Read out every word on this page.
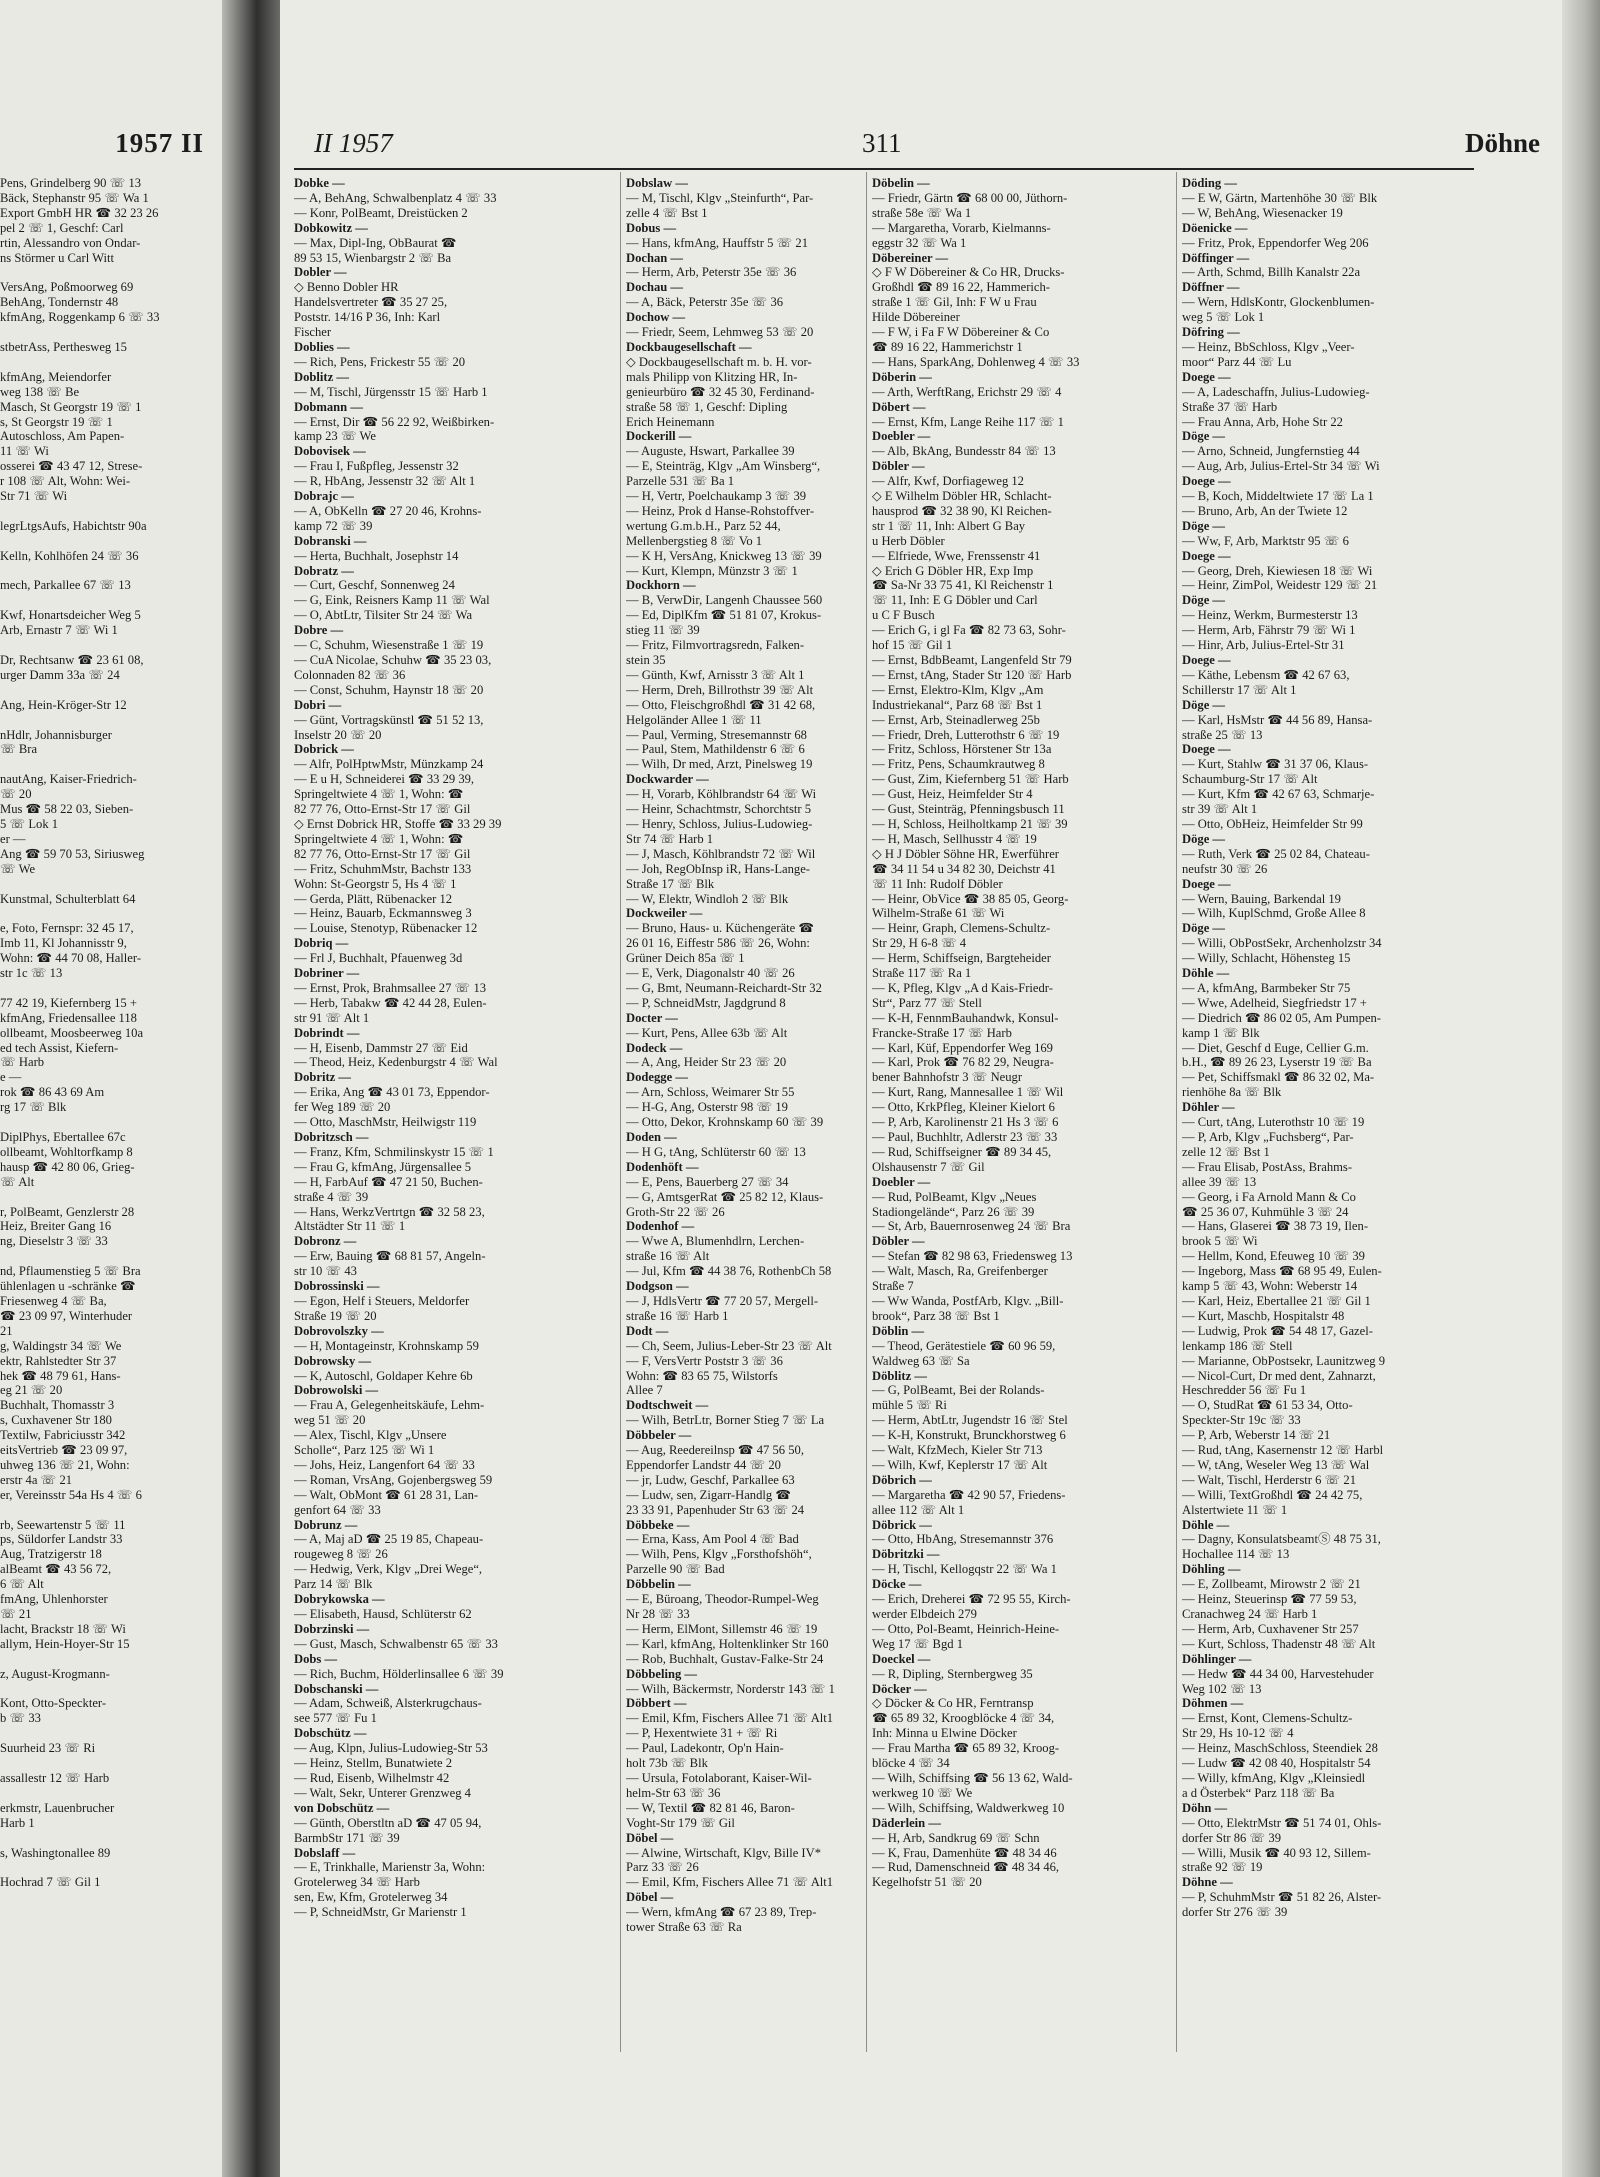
1957 II
Pens, Grindelberg 90 ☏ 13
Bäck, Stephanstr 95 ☏ Wa 1
Export GmbH HR ☎ 32 23 26
pel 2 ☏ 1, Geschf: Carl
rtin, Alessandro von Ondar-
ns Störmer u Carl Witt

VersAng, Poßmoorweg 69
BehAng, Tondernstr 48
kfmAng, Roggenkamp 6 ☏ 33

stbetrAss, Perthesweg 15

kfmAng, Meiendorfer
weg 138 ☏ Be
Masch, St Georgstr 19 ☏ 1
s, St Georgstr 19 ☏ 1
Autoschloss, Am Papen-
11 ☏ Wi
osserei ☎ 43 47 12, Strese-
r 108 ☏ Alt, Wohn: Wei-
Str 71 ☏ Wi

legrLtgsAufs, Habichtstr 90a

Kelln, Kohlhöfen 24 ☏ 36

mech, Parkallee 67 ☏ 13

Kwf, Honartsdeicher Weg 5
Arb, Ernastr 7 ☏ Wi 1

Dr, Rechtsanw ☎ 23 61 08,
urger Damm 33a ☏ 24

Ang, Hein-Kröger-Str 12

nHdlr, Johannisburger
☏ Bra

nautAng, Kaiser-Friedrich-
☏ 20
Mus ☎ 58 22 03, Sieben-
5 ☏ Lok 1
er —
Ang ☎ 59 70 53, Siriusweg
☏ We

Kunstmal, Schulterblatt 64

e, Foto, Fernspr: 32 45 17,
Imb 11, Kl Johannisstr 9,
Wohn: ☎ 44 70 08, Haller-
str 1c ☏ 13

77 42 19, Kiefernberg 15 +
kfmAng, Friedensallee 118
ollbeamt, Moosbeerweg 10a
ed tech Assist, Kiefern-
☏ Harb
e —
rok ☎ 86 43 69 Am
rg 17 ☏ Blk

DiplPhys, Ebertallee 67c
ollbeamt, Wohltorfkamp 8
hausp ☎ 42 80 06, Grieg-
☏ Alt

r, PolBeamt, Genzlerstr 28
Heiz, Breiter Gang 16
ng, Dieselstr 3 ☏ 33

nd, Pflaumenstieg 5 ☏ Bra
ühlenlagen u -schränke ☎
Friesenweg 4 ☏ Ba,
☎ 23 09 97, Winterhuder
21
g, Waldingstr 34 ☏ We
ektr, Rahlstedter Str 37
hek ☎ 48 79 61, Hans-
eg 21 ☏ 20
Buchhalt, Thomasstr 3
s, Cuxhavener Str 180
Textilw, Fabriciusstr 342
eitsVertrieb ☎ 23 09 97,
uhweg 136 ☏ 21, Wohn:
erstr 4a ☏ 21
er, Vereinsstr 54a Hs 4 ☏ 6

rb, Seewartenstr 5 ☏ 11
ps, Süldorfer Landstr 33
Aug, Tratzigerstr 18
alBeamt ☎ 43 56 72,
6 ☏ Alt
fmAng, Uhlenhorster
☏ 21
lacht, Brackstr 18 ☏ Wi
allym, Hein-Hoyer-Str 15

z, August-Krogmann-

Kont, Otto-Speckter-
b ☏ 33

Suurheid 23 ☏ Ri

assallestr 12 ☏ Harb

erkmstr, Lauenbrucher
Harb 1

s, Washingtonallee 89

Hochrad 7 ☏ Gil 1
II 1957	311	Döhne
Dobke —
— A, BehAng, Schwalbenplatz 4 ☏ 33
— Konr, PolBeamt, Dreistücken 2
Dobkowitz —
— Max, Dipl-Ing, ObBaurat ☎
89 53 15, Wienbargstr 2 ☏ Ba
Dobler —
◇ Benno Dobler HR
Handelsvertreter ☎ 35 27 25,
Poststr. 14/16 P 36, Inh: Karl
Fischer
Doblies —
— Rich, Pens, Frickestr 55 ☏ 20
Doblitz —
— M, Tischl, Jürgensstr 15 ☏ Harb 1
Dobmann —
— Ernst, Dir ☎ 56 22 92, Weißbirken-
kamp 23 ☏ We
Dobovisek —
— Frau I, Fußpfleg, Jessenstr 32
— R, HbAng, Jessenstr 32 ☏ Alt 1
Dobrajc —
— A, ObKelln ☎ 27 20 46, Krohns-
kamp 72 ☏ 39
Dobranski —
— Herta, Buchhalt, Josephstr 14
Dobratz —
— Curt, Geschf, Sonnenweg 24
— G, Eink, Reisners Kamp 11 ☏ Wal
— O, AbtLtr, Tilsiter Str 24 ☏ Wa
Dobre —
— C, Schuhm, Wiesenstraße 1 ☏ 19
— CuA Nicolae, Schuhw ☎ 35 23 03,
Colonnaden 82 ☏ 36
— Const, Schuhm, Haynstr 18 ☏ 20
Dobri —
— Günt, Vortragskünstl ☎ 51 52 13,
Inselstr 20 ☏ 20
Dobrick —
— Alfr, PolHptwMstr, Münzkamp 24
— E u H, Schneiderei ☎ 33 29 39,
Springeltwiete 4 ☏ 1, Wohn: ☎
82 77 76, Otto-Ernst-Str 17 ☏ Gil
◇ Ernst Dobrick HR, Stoffe ☎ 33 29 39
Springeltwiete 4 ☏ 1, Wohn: ☎
82 77 76, Otto-Ernst-Str 17 ☏ Gil
— Fritz, SchuhmMstr, Bachstr 133
Wohn: St-Georgstr 5, Hs 4 ☏ 1
— Gerda, Plätt, Rübenacker 12
— Heinz, Bauarb, Eckmannsweg 3
— Louise, Stenotyp, Rübenacker 12
Dobriq —
— Frl J, Buchhalt, Pfauenweg 3d
Dobriner —
— Ernst, Prok, Brahmsallee 27 ☏ 13
— Herb, Tabakw ☎ 42 44 28, Eulen-
str 91 ☏ Alt 1
Dobrindt —
— H, Eisenb, Dammstr 27 ☏ Eid
— Theod, Heiz, Kedenburgstr 4 ☏ Wal
Dobritz —
— Erika, Ang ☎ 43 01 73, Eppendor-
fer Weg 189 ☏ 20
— Otto, MaschMstr, Heilwigstr 119
Dobritzsch —
— Franz, Kfm, Schmilinskystr 15 ☏ 1
— Frau G, kfmAng, Jürgensallee 5
— H, FarbAuf ☎ 47 21 50, Buchen-
straße 4 ☏ 39
— Hans, WerkzVertrtgn ☎ 32 58 23,
Altstädter Str 11 ☏ 1
Dobronz —
— Erw, Bauing ☎ 68 81 57, Angeln-
str 10 ☏ 43
Dobrossinski —
— Egon, Helf i Steuers, Meldorfer
Straße 19 ☏ 20
Dobrovolszky —
— H, Montageinstr, Krohnskamp 59
Dobrowsky —
— K, Autoschl, Goldaper Kehre 6b
Dobrowolski —
— Frau A, Gelegenheitskäufe, Lehm-
weg 51 ☏ 20
— Alex, Tischl, Klgv „Unsere
Scholle“, Parz 125 ☏ Wi 1
— Johs, Heiz, Langenfort 64 ☏ 33
— Roman, VrsAng, Gojenbergsweg 59
— Walt, ObMont ☎ 61 28 31, Lan-
genfort 64 ☏ 33
Dobrunz —
— A, Maj aD ☎ 25 19 85, Chapeau-
rougeweg 8 ☏ 26
— Hedwig, Verk, Klgv „Drei Wege“,
Parz 14 ☏ Blk
Dobrykowska —
— Elisabeth, Hausd, Schlüterstr 62
Dobrzinski —
— Gust, Masch, Schwalbenstr 65 ☏ 33
Dobs —
— Rich, Buchm, Hölderlinsallee 6 ☏ 39
Dobschanski —
— Adam, Schweiß, Alsterkrugchaus-
see 577 ☏ Fu 1
Dobschütz —
— Aug, Klpn, Julius-Ludowieg-Str 53
— Heinz, Stellm, Bunatwiete 2
— Rud, Eisenb, Wilhelmstr 42
— Walt, Sekr, Unterer Grenzweg 4
von Dobschütz —
— Günth, Oberstltn aD ☎ 47 05 94,
BarmbStr 171 ☏ 39
Dobslaff —
— E, Trinkhalle, Marienstr 3a, Wohn:
Grotelerweg 34 ☏ Harb
sen, Ew, Kfm, Grotelerweg 34
— P, SchneidMstr, Gr Marienstr 1
Dobslaw —
— M, Tischl, Klgv „Steinfurth“, Par-
zelle 4 ☏ Bst 1
Dobus —
— Hans, kfmAng, Hauffstr 5 ☏ 21
Dochan —
— Herm, Arb, Peterstr 35e ☏ 36
Dochau —
— A, Bäck, Peterstr 35e ☏ 36
Dochow —
— Friedr, Seem, Lehmweg 53 ☏ 20
Dockbaugesellschaft —
◇ Dockbaugesellschaft m. b. H. vor-
mals Philipp von Klitzing HR, In-
genieurbüro ☎ 32 45 30, Ferdinand-
straße 58 ☏ 1, Geschf: Dipling
Erich Heinemann
Dockerill —
— Auguste, Hswart, Parkallee 39
— E, Steinträg, Klgv „Am Winsberg“,
Parzelle 531 ☏ Ba 1
— H, Vertr, Poelchaukamp 3 ☏ 39
— Heinz, Prok d Hanse-Rohstoffver-
wertung G.m.b.H., Parz 52 44,
Mellenbergstieg 8 ☏ Vo 1
— K H, VersAng, Knickweg 13 ☏ 39
— Kurt, Klempn, Münzstr 3 ☏ 1
Dockhorn —
— B, VerwDir, Langenh Chaussee 560
— Ed, DiplKfm ☎ 51 81 07, Krokus-
stieg 11 ☏ 39
— Fritz, Filmvortragsredn, Falken-
stein 35
— Günth, Kwf, Arnisstr 3 ☏ Alt 1
— Herm, Dreh, Billrothstr 39 ☏ Alt
— Otto, Fleischgroßhdl ☎ 31 42 68,
Helgoländer Allee 1 ☏ 11
— Paul, Verming, Stresemannstr 68
— Paul, Stem, Mathildenstr 6 ☏ 6
— Wilh, Dr med, Arzt, Pinelsweg 19
Dockwarder —
— H, Vorarb, Köhlbrandstr 64 ☏ Wi
— Heinr, Schachtmstr, Schorchtstr 5
— Henry, Schloss, Julius-Ludowieg-
Str 74 ☏ Harb 1
— J, Masch, Köhlbrandstr 72 ☏ Wil
— Joh, RegObInsp iR, Hans-Lange-
Straße 17 ☏ Blk
— W, Elektr, Windloh 2 ☏ Blk
Dockweiler —
— Bruno, Haus- u. Küchengeräte ☎
26 01 16, Eiffestr 586 ☏ 26, Wohn:
Grüner Deich 85a ☏ 1
— E, Verk, Diagonalstr 40 ☏ 26
— G, Bmt, Neumann-Reichardt-Str 32
— P, SchneidMstr, Jagdgrund 8
Docter —
— Kurt, Pens, Allee 63b ☏ Alt
Dodeck —
— A, Ang, Heider Str 23 ☏ 20
Dodegge —
— Arn, Schloss, Weimarer Str 55
— H-G, Ang, Osterstr 98 ☏ 19
— Otto, Dekor, Krohnskamp 60 ☏ 39
Doden —
— H G, tAng, Schlüterstr 60 ☏ 13
Dodenhöft —
— E, Pens, Bauerberg 27 ☏ 34
— G, AmtsgerRat ☎ 25 82 12, Klaus-
Groth-Str 22 ☏ 26
Dodenhof —
— Wwe A, Blumenhdlrn, Lerchen-
straße 16 ☏ Alt
— Jul, Kfm ☎ 44 38 76, RothenbCh 58
Dodgson —
— J, HdlsVertr ☎ 77 20 57, Mergell-
straße 16 ☏ Harb 1
Dodt —
— Ch, Seem, Julius-Leber-Str 23 ☏ Alt
— F, VersVertr Poststr 3 ☏ 36
Wohn: ☎ 83 65 75, Wilstorfs
Allee 7
Dodtschweit —
— Wilh, BetrLtr, Borner Stieg 7 ☏ La
Döbbeler —
— Aug, Reedereilnsp ☎ 47 56 50,
Eppendorfer Landstr 44 ☏ 20
— jr, Ludw, Geschf, Parkallee 63
— Ludw, sen, Zigarr-Handlg ☎
23 33 91, Papenhuder Str 63 ☏ 24
Döbbeke —
— Erna, Kass, Am Pool 4 ☏ Bad
— Wilh, Pens, Klgv „Forsthofshöh“,
Parzelle 90 ☏ Bad
Döbbelin —
— E, Büroang, Theodor-Rumpel-Weg
Nr 28 ☏ 33
— Herm, ElMont, Sillemstr 46 ☏ 19
— Karl, kfmAng, Holtenklinker Str 160
— Rob, Buchhalt, Gustav-Falke-Str 24
Döbbeling —
— Wilh, Bäckermstr, Norderstr 143 ☏ 1
Döbbert —
— Emil, Kfm, Fischers Allee 71 ☏ Alt1
— P, Hexentwiete 31 + ☏ Ri
— Paul, Ladekontr, Op'n Hain-
holt 73b ☏ Blk
— Ursula, Fotolaborant, Kaiser-Wil-
helm-Str 63 ☏ 36
— W, Textil ☎ 82 81 46, Baron-
Voght-Str 179 ☏ Gil
Döbel —
— Alwine, Wirtschaft, Klgv, Bille IV*
Parz 33 ☏ 26
— Emil, Kfm, Fischers Allee 71 ☏ Alt1
Döbel —
— Wern, kfmAng ☎ 67 23 89, Trep-
tower Straße 63 ☏ Ra
Döbelin —
— Friedr, Gärtn ☎ 68 00 00, Jüthorn-
straße 58e ☏ Wa 1
— Margaretha, Vorarb, Kielmanns-
eggstr 32 ☏ Wa 1
Döbereiner —
◇ F W Döbereiner & Co HR, Drucks-
Großhdl ☎ 89 16 22, Hammerich-
straße 1 ☏ Gil, Inh: F W u Frau
Hilde Döbereiner
— F W, i Fa F W Döbereiner & Co
☎ 89 16 22, Hammerichstr 1
— Hans, SparkAng, Dohlenweg 4 ☏ 33
Döberin —
— Arth, WerftRang, Erichstr 29 ☏ 4
Döbert —
— Ernst, Kfm, Lange Reihe 117 ☏ 1
Doebler —
— Alb, BkAng, Bundesstr 84 ☏ 13
Döbler —
— Alfr, Kwf, Dorfiageweg 12
◇ E Wilhelm Döbler HR, Schlacht-
hausprod ☎ 32 38 90, Kl Reichen-
str 1 ☏ 11, Inh: Albert G Bay
u Herb Döbler
— Elfriede, Wwe, Frenssenstr 41
◇ Erich G Döbler HR, Exp Imp
☎ Sa-Nr 33 75 41, Kl Reichenstr 1
☏ 11, Inh: E G Döbler und Carl
u C F Busch
— Erich G, i gl Fa ☎ 82 73 63, Sohr-
hof 15 ☏ Gil 1
— Ernst, BdbBeamt, Langenfeld Str 79
— Ernst, tAng, Stader Str 120 ☏ Harb
— Ernst, Elektro-Klm, Klgv „Am
Industriekanal“, Parz 68 ☏ Bst 1
— Ernst, Arb, Steinadlerweg 25b
— Friedr, Dreh, Lutterothstr 6 ☏ 19
— Fritz, Schloss, Hörstener Str 13a
— Fritz, Pens, Schaumkrautweg 8
— Gust, Zim, Kiefernberg 51 ☏ Harb
— Gust, Heiz, Heimfelder Str 4
— Gust, Steinträg, Pfenningsbusch 11
— H, Schloss, Heilholtkamp 21 ☏ 39
— H, Masch, Sellhusstr 4 ☏ 19
◇ H J Döbler Söhne HR, Ewerführer
☎ 34 11 54 u 34 82 30, Deichstr 41
☏ 11 Inh: Rudolf Döbler
— Heinr, ObVice ☎ 38 85 05, Georg-
Wilhelm-Straße 61 ☏ Wi
— Heinr, Graph, Clemens-Schultz-
Str 29, H 6-8 ☏ 4
— Herm, Schiffseign, Bargteheider
Straße 117 ☏ Ra 1
— K, Pfleg, Klgv „A d Kais-Friedr-
Str“, Parz 77 ☏ Stell
— K-H, FennmBauhandwk, Konsul-
Francke-Straße 17 ☏ Harb
— Karl, Küf, Eppendorfer Weg 169
— Karl, Prok ☎ 76 82 29, Neugra-
bener Bahnhofstr 3 ☏ Neugr
— Kurt, Rang, Mannesallee 1 ☏ Wil
— Otto, KrkPfleg, Kleiner Kielort 6
— P, Arb, Karolinenstr 21 Hs 3 ☏ 6
— Paul, Buchhltr, Adlerstr 23 ☏ 33
— Rud, Schiffseigner ☎ 89 34 45,
Olshausenstr 7 ☏ Gil
Doebler —
— Rud, PolBeamt, Klgv „Neues
Stadiongelände“, Parz 26 ☏ 39
— St, Arb, Bauernrosenweg 24 ☏ Bra
Döbler —
— Stefan ☎ 82 98 63, Friedensweg 13
— Walt, Masch, Ra, Greifenberger
Straße 7
— Ww Wanda, PostfArb, Klgv. „Bill-
brook“, Parz 38 ☏ Bst 1
Döblin —
— Theod, Gerätestiele ☎ 60 96 59,
Waldweg 63 ☏ Sa
Döblitz —
— G, PolBeamt, Bei der Rolands-
mühle 5 ☏ Ri
— Herm, AbtLtr, Jugendstr 16 ☏ Stel
— K-H, Konstrukt, Brunckhorstweg 6
— Walt, KfzMech, Kieler Str 713
— Wilh, Kwf, Keplerstr 17 ☏ Alt
Döbrich —
— Margaretha ☎ 42 90 57, Friedens-
allee 112 ☏ Alt 1
Döbrick —
— Otto, HbAng, Stresemannstr 376
Döbritzki —
— H, Tischl, Kellogqstr 22 ☏ Wa 1
Döcke —
— Erich, Dreherei ☎ 72 95 55, Kirch-
werder Elbdeich 279
— Otto, Pol-Beamt, Heinrich-Heine-
Weg 17 ☏ Bgd 1
Doeckel —
— R, Dipling, Sternbergweg 35
Döcker —
◇ Döcker & Co HR, Ferntransp
☎ 65 89 32, Kroogblöcke 4 ☏ 34,
Inh: Minna u Elwine Döcker
— Frau Martha ☎ 65 89 32, Kroog-
blöcke 4 ☏ 34
— Wilh, Schiffsing ☎ 56 13 62, Wald-
werkweg 10 ☏ We
— Wilh, Schiffsing, Waldwerkweg 10
Däderlein —
— H, Arb, Sandkrug 69 ☏ Schn
— K, Frau, Damenhüte ☎ 48 34 46
— Rud, Damenschneid ☎ 48 34 46,
Kegelhofstr 51 ☏ 20
Döding —
— E W, Gärtn, Martenhöhe 30 ☏ Blk
— W, BehAng, Wiesenacker 19
Döenicke —
— Fritz, Prok, Eppendorfer Weg 206
Döffinger —
— Arth, Schmd, Billh Kanalstr 22a
Döffner —
— Wern, HdlsKontr, Glockenblumen-
weg 5 ☏ Lok 1
Döfring —
— Heinz, BbSchloss, Klgv „Veer-
moor“ Parz 44 ☏ Lu
Doege —
— A, Ladeschaffn, Julius-Ludowieg-
Straße 37 ☏ Harb
— Frau Anna, Arb, Hohe Str 22
Döge —
— Arno, Schneid, Jungfernstieg 44
— Aug, Arb, Julius-Ertel-Str 34 ☏ Wi
Doege —
— B, Koch, Middeltwiete 17 ☏ La 1
— Bruno, Arb, An der Twiete 12
Döge —
— Ww, F, Arb, Marktstr 95 ☏ 6
Doege —
— Georg, Dreh, Kiewiesen 18 ☏ Wi
— Heinr, ZimPol, Weidestr 129 ☏ 21
Döge —
— Heinz, Werkm, Burmesterstr 13
— Herm, Arb, Fährstr 79 ☏ Wi 1
— Hinr, Arb, Julius-Ertel-Str 31
Doege —
— Käthe, Lebensm ☎ 42 67 63,
Schillerstr 17 ☏ Alt 1
Döge —
— Karl, HsMstr ☎ 44 56 89, Hansa-
straße 25 ☏ 13
Doege —
— Kurt, Stahlw ☎ 31 37 06, Klaus-
Schaumburg-Str 17 ☏ Alt
— Kurt, Kfm ☎ 42 67 63, Schmarje-
str 39 ☏ Alt 1
— Otto, ObHeiz, Heimfelder Str 99
Döge —
— Ruth, Verk ☎ 25 02 84, Chateau-
neufstr 30 ☏ 26
Doege —
— Wern, Bauing, Barkendal 19
— Wilh, KuplSchmd, Große Allee 8
Döge —
— Willi, ObPostSekr, Archenholzstr 34
— Willy, Schlacht, Höhensteg 15
Döhle —
— A, kfmAng, Barmbeker Str 75
— Wwe, Adelheid, Siegfriedstr 17 +
— Diedrich ☎ 86 02 05, Am Pumpen-
kamp 1 ☏ Blk
— Diet, Geschf d Euge, Cellier G.m.
b.H., ☎ 89 26 23, Lyserstr 19 ☏ Ba
— Pet, Schiffsmakl ☎ 86 32 02, Ma-
rienhöhe 8a ☏ Blk
Döhler —
— Curt, tAng, Luterothstr 10 ☏ 19
— P, Arb, Klgv „Fuchsberg“, Par-
zelle 12 ☏ Bst 1
— Frau Elisab, PostAss, Brahms-
allee 39 ☏ 13
— Georg, i Fa Arnold Mann & Co
☎ 25 36 07, Kuhmühle 3 ☏ 24
— Hans, Glaserei ☎ 38 73 19, Ilen-
brook 5 ☏ Wi
— Hellm, Kond, Efeuweg 10 ☏ 39
— Ingeborg, Mass ☎ 68 95 49, Eulen-
kamp 5 ☏ 43, Wohn: Weberstr 14
— Karl, Heiz, Ebertallee 21 ☏ Gil 1
— Kurt, Maschb, Hospitalstr 48
— Ludwig, Prok ☎ 54 48 17, Gazel-
lenkamp 186 ☏ Stell
— Marianne, ObPostsekr, Launitzweg 9
— Nicol-Curt, Dr med dent, Zahnarzt,
Heschredder 56 ☏ Fu 1
— O, StudRat ☎ 61 53 34, Otto-
Speckter-Str 19c ☏ 33
— P, Arb, Weberstr 14 ☏ 21
— Rud, tAng, Kasernenstr 12 ☏ Harbl
— W, tAng, Weseler Weg 13 ☏ Wal
— Walt, Tischl, Herderstr 6 ☏ 21
— Willi, TextGroßhdl ☎ 24 42 75,
Alstertwiete 11 ☏ 1
Döhle —
— Dagny, KonsulatsbeamtⓈ 48 75 31,
Hochallee 114 ☏ 13
Döhling —
— E, Zollbeamt, Mirowstr 2 ☏ 21
— Heinz, Steuerinsp ☎ 77 59 53,
Cranachweg 24 ☏ Harb 1
— Herm, Arb, Cuxhavener Str 257
— Kurt, Schloss, Thadenstr 48 ☏ Alt
Döhlinger —
— Hedw ☎ 44 34 00, Harvestehuder
Weg 102 ☏ 13
Döhmen —
— Ernst, Kont, Clemens-Schultz-
Str 29, Hs 10-12 ☏ 4
— Heinz, MaschSchloss, Steendiek 28
— Ludw ☎ 42 08 40, Hospitalstr 54
— Willy, kfmAng, Klgv „Kleinsiedl
a d Österbek“ Parz 118 ☏ Ba
Döhn —
— Otto, ElektrMstr ☎ 51 74 01, Ohls-
dorfer Str 86 ☏ 39
— Willi, Musik ☎ 40 93 12, Sillem-
straße 92 ☏ 19
Döhne —
— P, SchuhmMstr ☎ 51 82 26, Alster-
dorfer Str 276 ☏ 39
